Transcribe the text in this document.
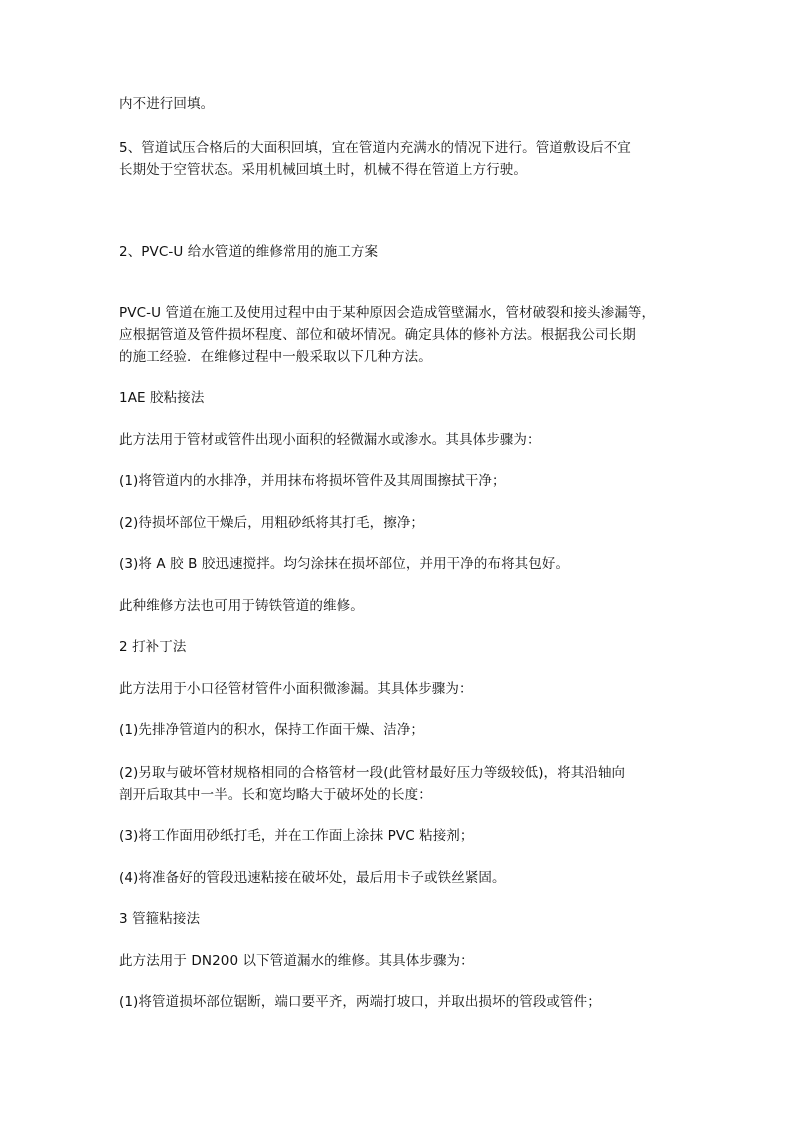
内不进行回填。
5、管道试压合格后的大面积回填，宜在管道内充满水的情况下进行。管道敷设后不宜
长期处于空管状态。采用机械回填土时，机械不得在管道上方行驶。
2、PVC-U 给水管道的维修常用的施工方案
PVC-U 管道在施工及使用过程中由于某种原因会造成管壁漏水，管材破裂和接头渗漏等，
应根据管道及管件损坏程度、部位和破坏情况。确定具体的修补方法。根据我公司长期
的施工经验．在维修过程中一般采取以下几种方法。
1AE 胶粘接法
此方法用于管材或管件出现小面积的轻微漏水或渗水。其具体步骤为：
(1)将管道内的水排净，并用抹布将损坏管件及其周围擦拭干净；
(2)待损坏部位干燥后，用粗砂纸将其打毛，擦净；
(3)将 A 胶 B 胶迅速搅拌。均匀涂抹在损坏部位，并用干净的布将其包好。
此种维修方法也可用于铸铁管道的维修。
2 打补丁法
此方法用于小口径管材管件小面积微渗漏。其具体步骤为：
(1)先排净管道内的积水，保持工作面干燥、洁净；
(2)另取与破坏管材规格相同的合格管材一段(此管材最好压力等级较低)，将其沿轴向
剖开后取其中一半。长和宽均略大于破坏处的长度：
(3)将工作面用砂纸打毛，并在工作面上涂抹 PVC 粘接剂；
(4)将准备好的管段迅速粘接在破坏处，最后用卡子或铁丝紧固。
3 管箍粘接法
此方法用于 DN200 以下管道漏水的维修。其具体步骤为：
(1)将管道损坏部位锯断，端口要平齐，两端打坡口，并取出损坏的管段或管件；
